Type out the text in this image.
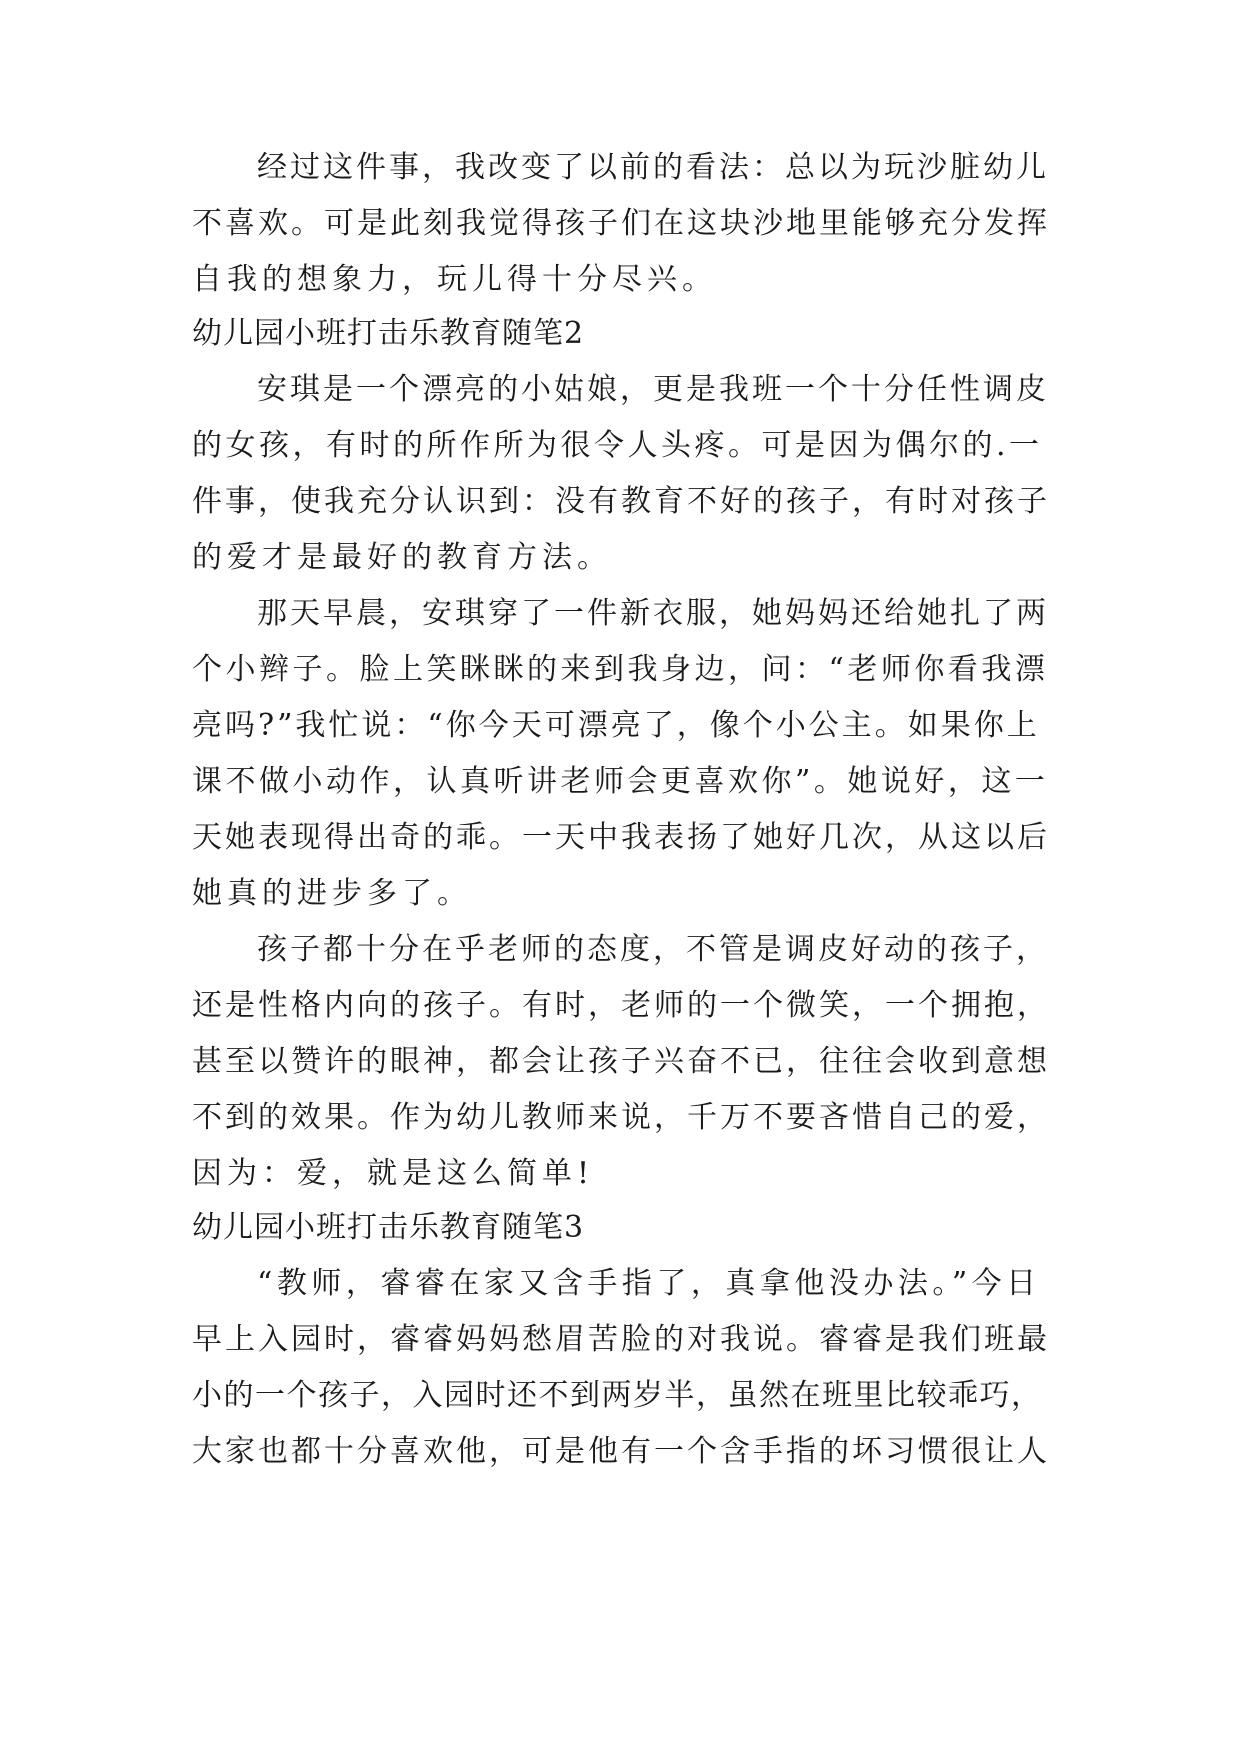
经过这件事，我改变了以前的看法：总以为玩沙脏幼儿
不喜欢。可是此刻我觉得孩子们在这块沙地里能够充分发挥
自我的想象力，玩儿得十分尽兴。
幼儿园小班打击乐教育随笔2
安琪是一个漂亮的小姑娘，更是我班一个十分任性调皮
的女孩，有时的所作所为很令人头疼。可是因为偶尔的.一
件事，使我充分认识到：没有教育不好的孩子，有时对孩子
的爱才是最好的教育方法。
那天早晨，安琪穿了一件新衣服，她妈妈还给她扎了两
个小辫子。脸上笑眯眯的来到我身边，问：“老师你看我漂
亮吗?”我忙说：“你今天可漂亮了，像个小公主。如果你上
课不做小动作，认真听讲老师会更喜欢你”。她说好，这一
天她表现得出奇的乖。一天中我表扬了她好几次，从这以后
她真的进步多了。
孩子都十分在乎老师的态度，不管是调皮好动的孩子，
还是性格内向的孩子。有时，老师的一个微笑，一个拥抱，
甚至以赞许的眼神，都会让孩子兴奋不已，往往会收到意想
不到的效果。作为幼儿教师来说，千万不要吝惜自己的爱，
因为：爱，就是这么简单!
幼儿园小班打击乐教育随笔3
“教师，睿睿在家又含手指了，真拿他没办法。”今日
早上入园时，睿睿妈妈愁眉苦脸的对我说。睿睿是我们班最
小的一个孩子，入园时还不到两岁半，虽然在班里比较乖巧，
大家也都十分喜欢他，可是他有一个含手指的坏习惯很让人
